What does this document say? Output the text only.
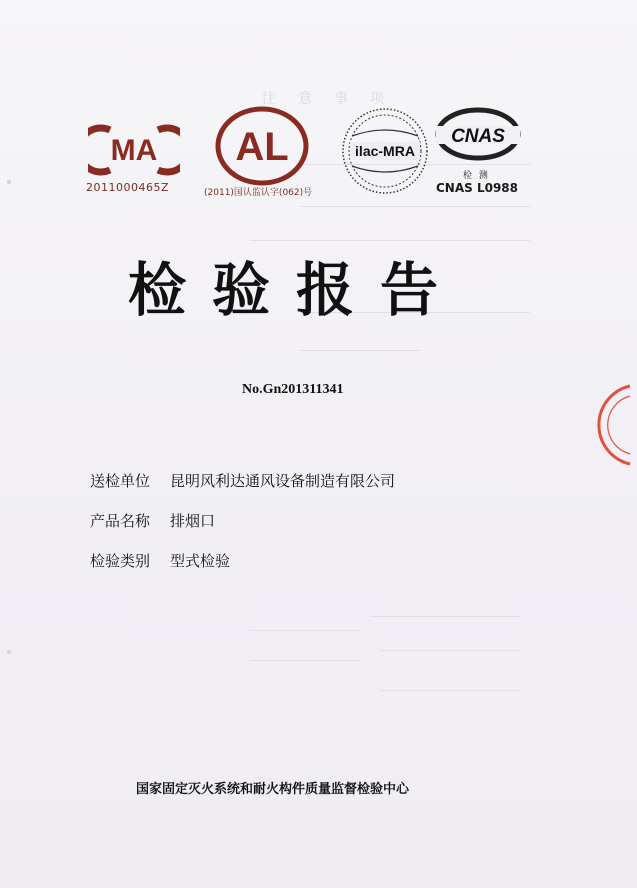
注意事项
MA
2011000465Z
AL
(2011)国认监认字(062)号
ilac-MRA
CNAS
检 测
CNAS L0988
检验报告
No.Gn201311341
送检单位 昆明风利达通风设备制造有限公司
产品名称 排烟口
检验类别 型式检验
国家固定灭火系统和耐火构件质量监督检验中心
